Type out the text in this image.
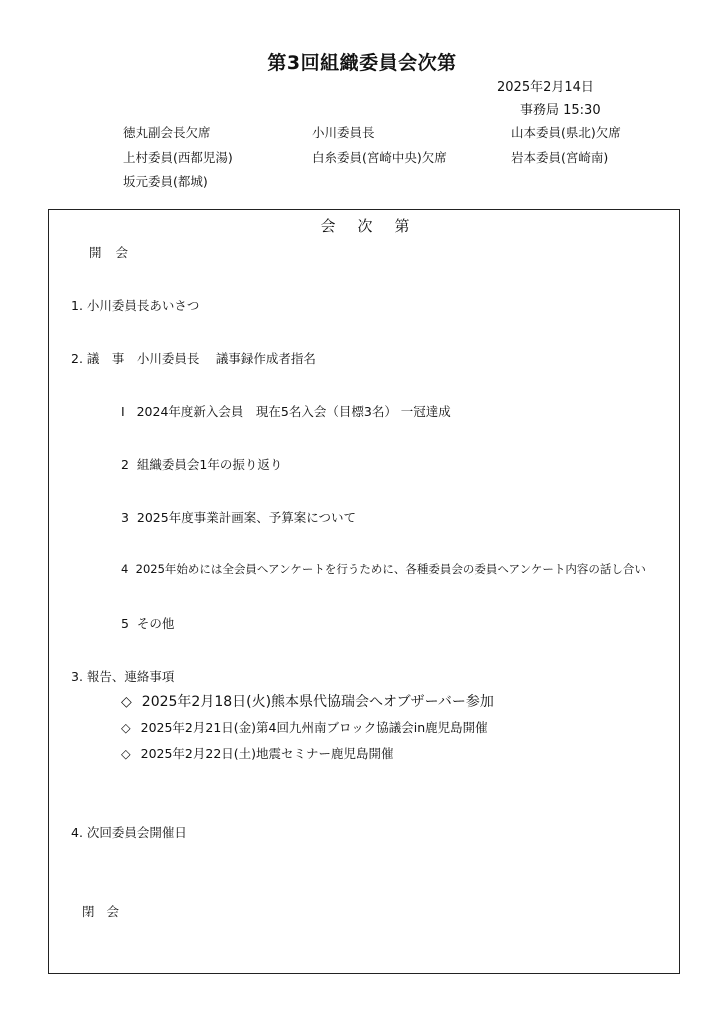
第3回組織委員会次第
2025年2月14日
事務局 15:30
徳丸副会長欠席	小川委員長	山本委員(県北)欠席
上村委員(西都児湯)	白糸委員(宮崎中央)欠席	岩本委員(宮崎南)
坂元委員(都城)
会次第
開会
1. 小川委員長あいさつ
2. 議　事　小川委員長　 議事録作成者指名
I 2024年度新入会員　現在5名入会（目標3名） 一冠達成
2 組織委員会1年の振り返り
3 2025年度事業計画案、予算案について
4 2025年始めには全会員へアンケートを行うために、各種委員会の委員へアンケート内容の話し合い
5 その他
3. 報告、連絡事項
◇ 2025年2月18日(火)熊本県代協瑞会へオブザーバー参加
◇ 2025年2月21日(金)第4回九州南ブロック協議会in鹿児島開催
◇ 2025年2月22日(土)地震セミナー鹿児島開催
4. 次回委員会開催日
閉会
